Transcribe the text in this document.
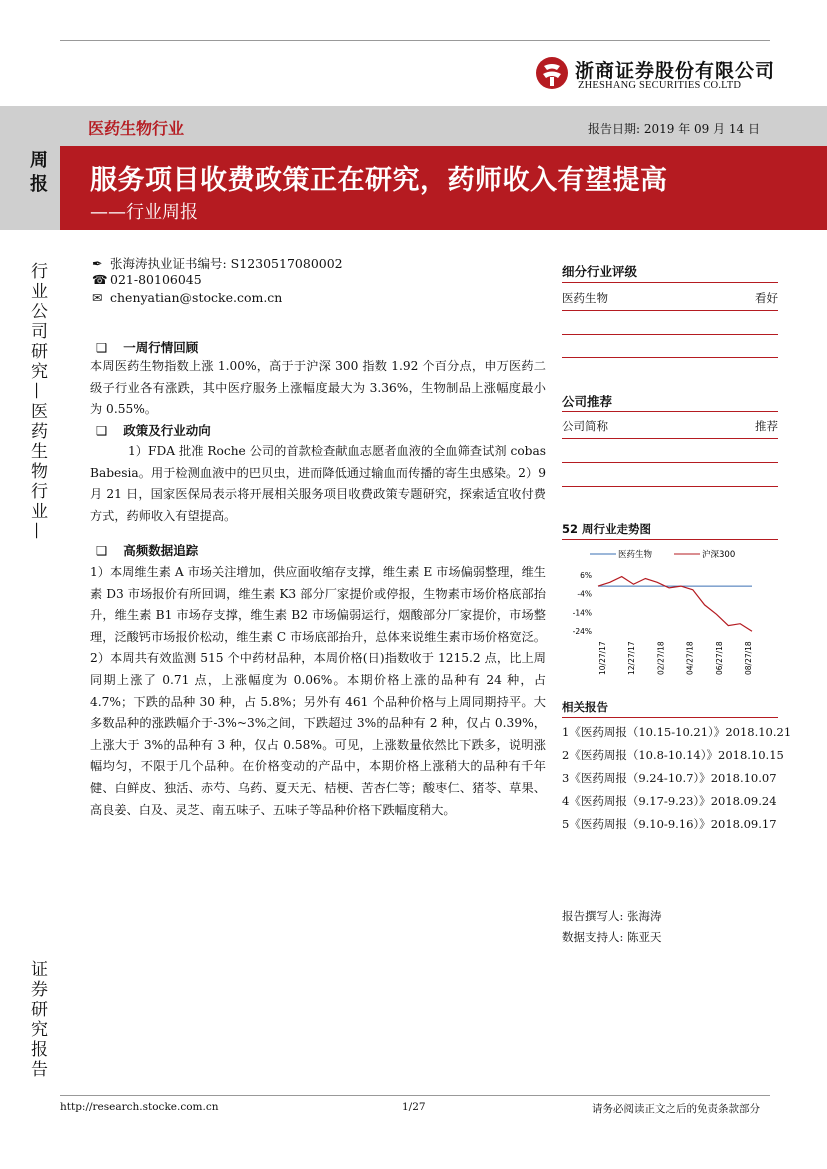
浙商证券股份有限公司
ZHESHANG SECURITIES CO.LTD
医药生物行业	报告日期: 2019 年 09 月 14 日
周报 服务项目收费政策正在研究，药师收入有望提高
——行业周报
行业公司研究—医药生物行业—
证券研究报告
✒ 张海涛执业证书编号: S1230517080002
☎ 021-80106045
✉ chenyatian@stocke.com.cn
❑ 一周行情回顾
本周医药生物指数上涨 1.00%，高于于沪深 300 指数 1.92 个百分点，申万医药二级子行业各有涨跌，其中医疗服务上涨幅度最大为 3.36%，生物制品上涨幅度最小为 0.55%。
❑ 政策及行业动向
1）FDA 批准 Roche 公司的首款检查献血志愿者血液的全血筛查试剂 cobas Babesia。用于检测血液中的巴贝虫，进而降低通过输血而传播的寄生虫感染。2）9 月 21 日，国家医保局表示将开展相关服务项目收费政策专题研究，探索适宜收付费方式，药师收入有望提高。
❑ 高频数据追踪
1）本周维生素 A 市场关注增加，供应面收缩存支撑，维生素 E 市场偏弱整理，维生素 D3 市场报价有所回调，维生素 K3 部分厂家提价或停报，生物素市场价格底部抬升，维生素 B1 市场存支撑，维生素 B2 市场偏弱运行，烟酸部分厂家提价，市场整理，泛酸钙市场报价松动，维生素 C 市场底部抬升，总体来说维生素市场价格宽泛。2）本周共有效监测 515 个中药材品种，本周价格(日)指数收于 1215.2 点，比上周同期上涨了 0.71 点，上涨幅度为 0.06%。本期价格上涨的品种有 24 种，占 4.7%；下跌的品种 30 种，占 5.8%；另外有 461 个品种价格与上周同期持平。大多数品种的涨跌幅介于-3%~3%之间，下跌超过 3%的品种有 2 种，仅占 0.39%，上涨大于 3%的品种有 3 种，仅占 0.58%。可见，上涨数量依然比下跌多，说明涨幅均匀，不限于几个品种。在价格变动的产品中，本期价格上涨稍大的品种有千年健、白鲜皮、独活、赤芍、乌药、夏天无、桔梗、苦杏仁等；酸枣仁、猪苓、草果、高良姜、白及、灵芝、南五味子、五味子等品种价格下跌幅度稍大。
细分行业评级
医药生物	看好
公司推荐
公司简称	推荐
52 周行业走势图
医药生物	沪深300
6%
-4%
-14%
-24%
10/27/17	12/27/17	02/27/18	04/27/18	06/27/18	08/27/18
相关报告
1《医药周报（10.15-10.21）》2018.10.21
2《医药周报（10.8-10.14）》2018.10.15
3《医药周报（9.24-10.7）》2018.10.07
4《医药周报（9.17-9.23）》2018.09.24
5《医药周报（9.10-9.16）》2018.09.17
报告撰写人: 张海涛
数据支持人: 陈亚天
http://research.stocke.com.cn	1/27	请务必阅读正文之后的免责条款部分
